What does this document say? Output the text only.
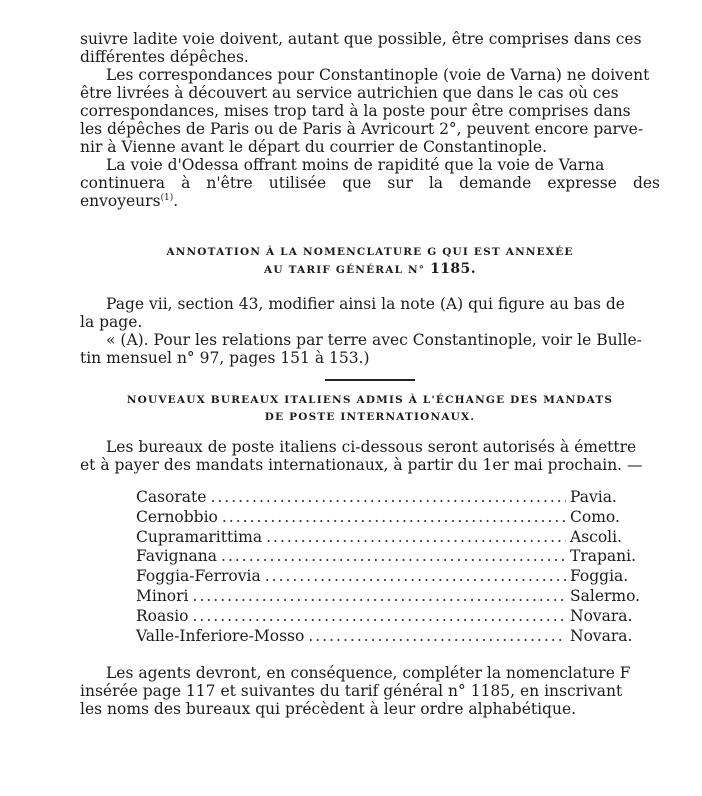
suivre ladite voie doivent, autant que possible, être comprises dans ces
différentes dépêches.

Les correspondances pour Constantinople (voie de Varna) ne doivent
être livrées à découvert au service autrichien que dans le cas où ces
correspondances, mises trop tard à la poste pour être comprises dans
les dépêches de Paris ou de Paris à Avricourt 2°, peuvent encore parve-
nir à Vienne avant le départ du courrier de Constantinople.

La voie d'Odessa offrant moins de rapidité que la voie de Varna
continuera à n'être utilisée que sur la demande expresse des envoyeurs$^{(1)}$.

ANNOTATION À LA NOMENCLATURE G QUI EST ANNEXÉE
AU TARIF GÉNÉRAL N° 1185.

Page vii, section 43, modifier ainsi la note (A) qui figure au bas de
la page.
« (A). Pour les relations par terre avec Constantinople, voir le Bulle-
tin mensuel n° 97, pages 151 à 153.)

NOUVEAUX BUREAUX ITALIENS ADMIS À L'ÉCHANGE DES MANDATS
DE POSTE INTERNATIONAUX.

Les bureaux de poste italiens ci-dessous seront autorisés à émettre
et à payer des mandats internationaux, à partir du 1er mai prochain. —

Casorate .....	Pavia.
Cernobbio .....	Como.
Cupramarittima .....	Ascoli.
Favignana .....	Trapani.
Foggia-Ferrovia .....	Foggia.
Minori .....	Salermo.
Roasio .....	Novara.
Valle-Inferiore-Mosso .....	Novara.

Les agents devront, en conséquence, compléter la nomenclature F
insérée page 117 et suivantes du tarif général n° 1185, en inscrivant
les noms des bureaux qui précèdent à leur ordre alphabétique.
